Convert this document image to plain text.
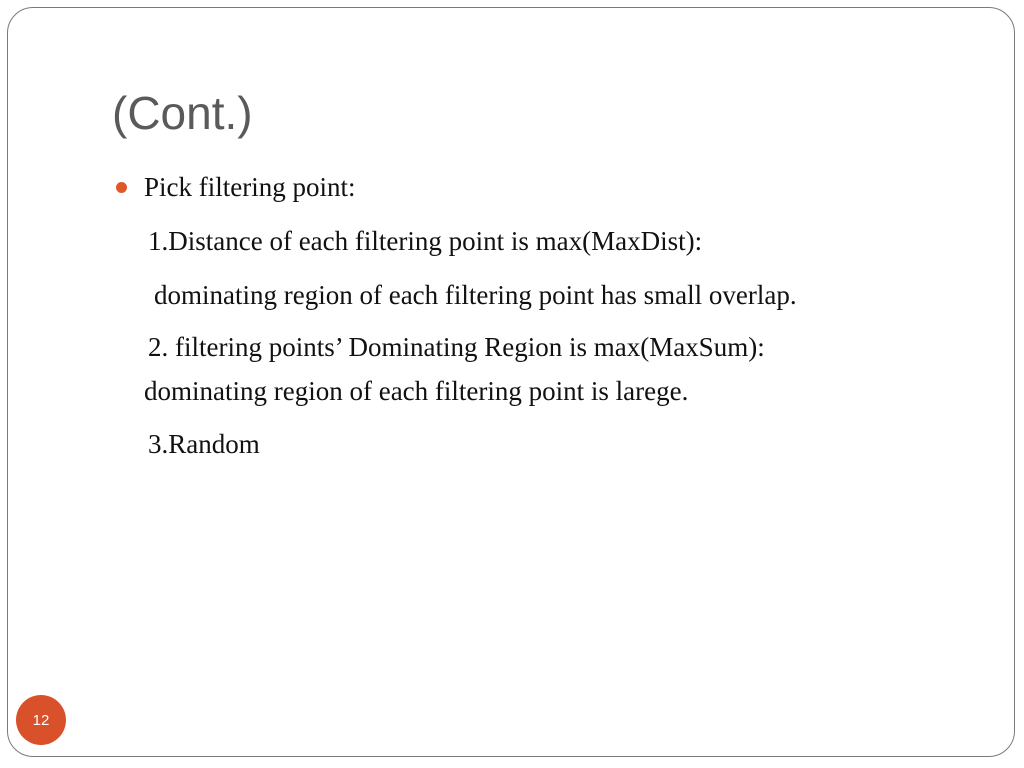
(Cont.)
Pick filtering point:
1.Distance of each filtering point is max(MaxDist):
dominating region of each filtering point has small overlap.
2. filtering points’ Dominating Region is max(MaxSum):
dominating region of each filtering point is larege.
3.Random
12
